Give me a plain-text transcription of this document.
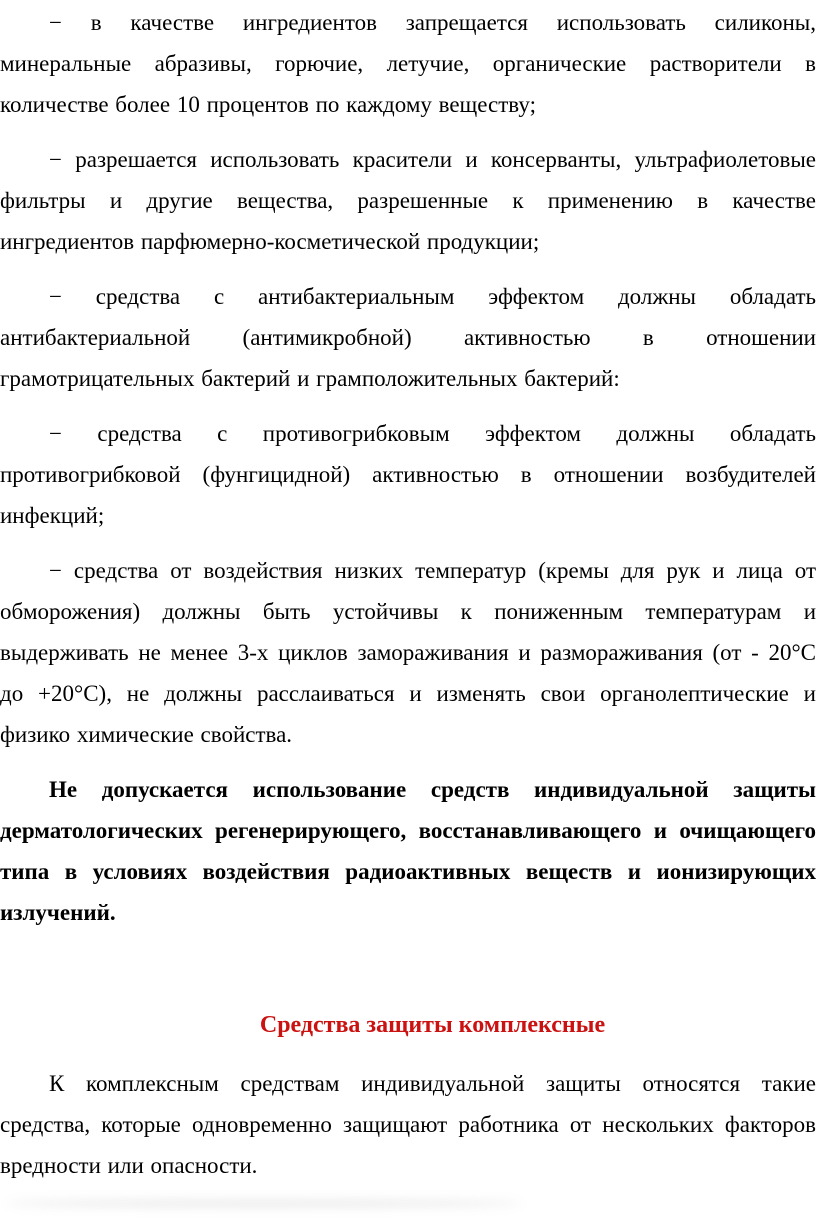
− в качестве ингредиентов запрещается использовать силиконы, минеральные абразивы, горючие, летучие, органические растворители в количестве более 10 процентов по каждому веществу;

− разрешается использовать красители и консерванты, ультрафиолетовые фильтры и другие вещества, разрешенные к применению в качестве ингредиентов парфюмерно-косметической продукции;

− средства с антибактериальным эффектом должны обладать антибактериальной (антимикробной) активностью в отношении грамотрицательных бактерий и грамположительных бактерий:

− средства с противогрибковым эффектом должны обладать противогрибковой (фунгицидной) активностью в отношении возбудителей инфекций;

− средства от воздействия низких температур (кремы для рук и лица от обморожения) должны быть устойчивы к пониженным температурам и выдерживать не менее 3-х циклов замораживания и размораживания (от - 20°С до +20°С), не должны расслаиваться и изменять свои органолептические и физико химические свойства.

Не допускается использование средств индивидуальной защиты дерматологических регенерирующего, восстанавливающего и очищающего типа в условиях воздействия радиоактивных веществ и ионизирующих излучений.

Средства защиты комплексные

К комплексным средствам индивидуальной защиты относятся такие средства, которые одновременно защищают работника от нескольких факторов вредности или опасности.
